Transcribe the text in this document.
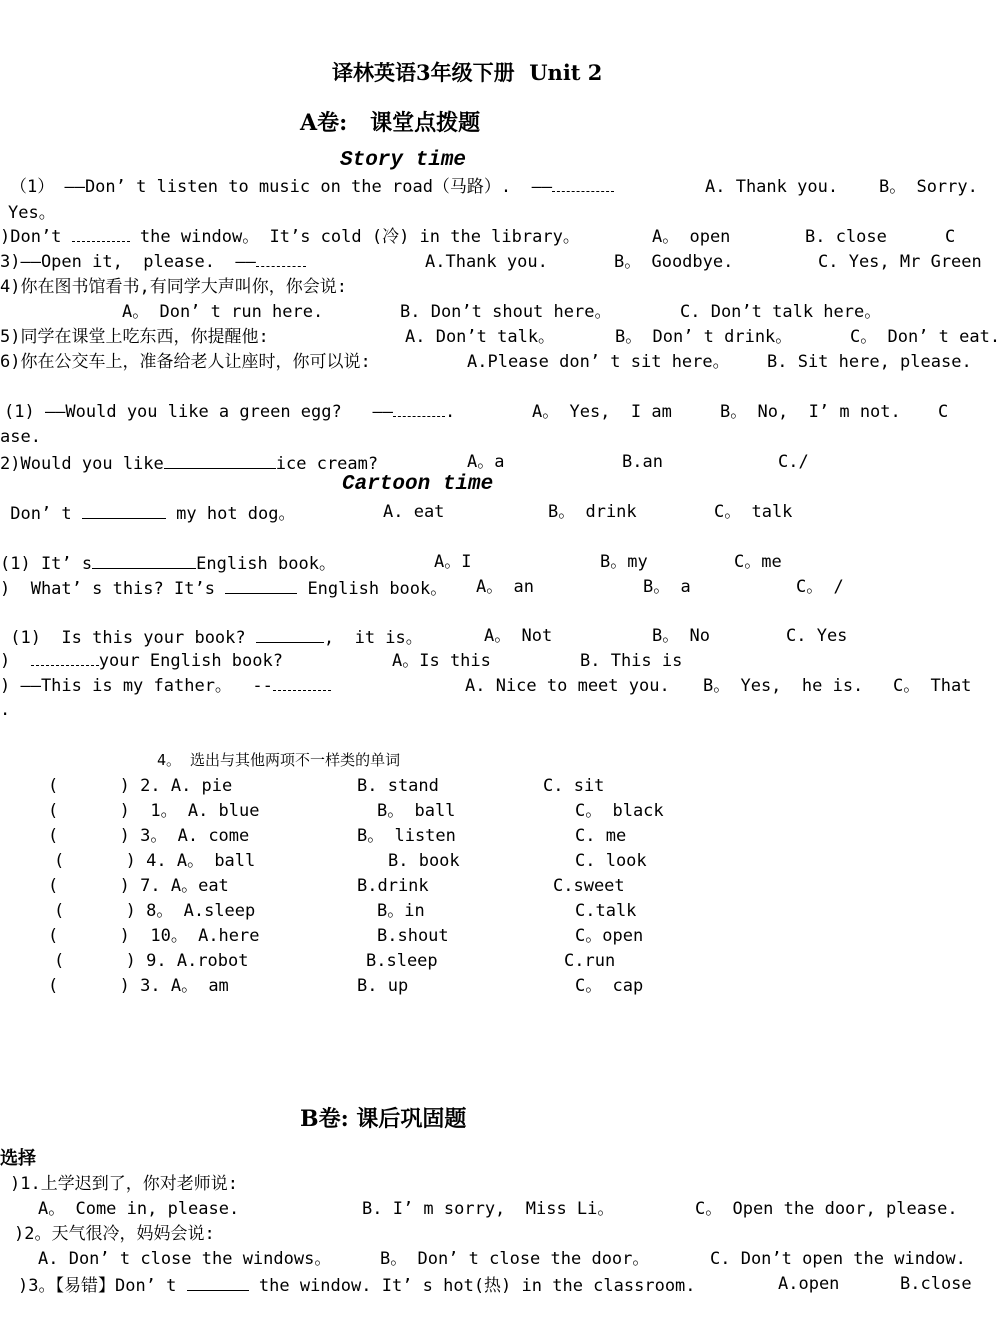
译林英语3年级下册  Unit 2
A卷:   课堂点拨题
Story time
（1） ——Don’ t listen to music on the road（马路）.  ——	A. Thank you.    B。 Sorry.
Yes。
)Don’t	the window。 It’s cold (冷) in the library。	A。 open	B. close	C
3)——Open it,  please.  ——	A.Thank you.	B。 Goodbye.	C. Yes, Mr Green
4)你在图书馆看书,有同学大声叫你，你会说:
A。 Don’ t run here.	B. Don’t shout here。	C. Don’t talk here。
5)同学在课堂上吃东西，你提醒他:	A. Don’t talk。	B。 Don’ t drink。	C。 Don’ t eat.
6)你在公交车上，准备给老人让座时，你可以说:	A.Please don’ t sit here。 B. Sit here, please.
(1) ——Would you like a green egg?   ——	.	A。 Yes,  I am	B。 No,  I’ m not. C
ase.
2)Would you like	ice cream?	A。a	B.an	C./
Cartoon time
Don’ t	my hot dog。	A. eat	B。 drink	C。 talk
(1) It’ s	English book。	A。I	B。my	C。me
)  What’ s this? It’s	English book。 A。 an	B。 a	C。 /
(1)  Is this your book?	,  it is。	A。 Not	B。 No	C. Yes
)	your English book?	A。Is this	B. This is
) ——This is my father。  --	A. Nice to meet you. B。 Yes,  he is. C。 That
.
4。 选出与其他两项不一样类的单词
(      ) 2. A. pie	B. stand	C. sit
(      )  1。 A. blue	B。 ball	C。 black
(      ) 3。 A. come	B。 listen	C. me
(      ) 4. A。 ball	B. book	C. look
(      ) 7. A。eat	B.drink	C.sweet
(      ) 8。 A.sleep	B。in	C.talk
(      )  10。 A.here	B.shout	C。open
(      ) 9. A.robot	B.sleep	C.run
(      ) 3. A。 am	B. up	C。 cap
B卷: 课后巩固题
选择
)1.上学迟到了，你对老师说:
A。 Come in, please.	B. I’ m sorry,  Miss Li。	C。 Open the door, please.
)2。天气很冷，妈妈会说:
A. Don’ t close the windows。	B。 Don’ t close the door。	C. Don’t open the window.
)3。【易错】Don’ t	the window. It’ s hot(热) in the classroom.	A.open	B.close
